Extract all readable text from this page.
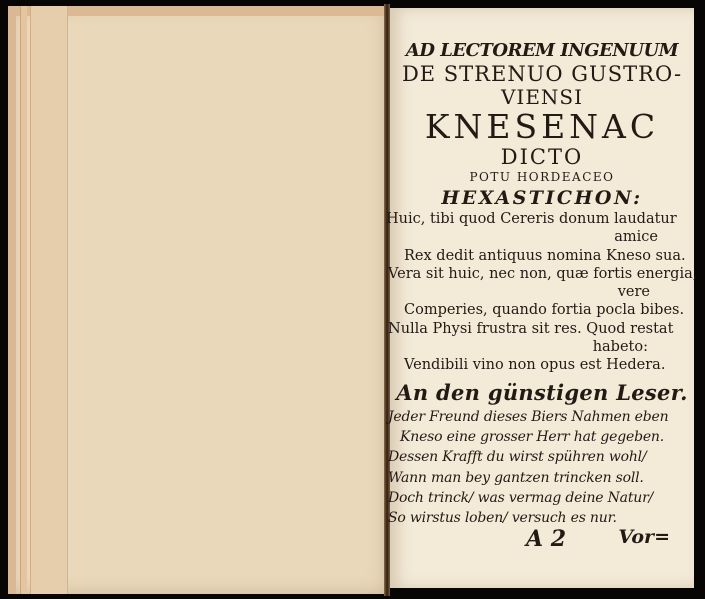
AD LECTOREM INGENUUM
DE STRENUO GUSTRO-
VIENSI
KNESENAC
DICTO
POTU HORDEACEO
HEXASTICHON:
Huic, tibi quod Cereris donum laudatur
amice
Rex dedit antiquus nomina Kneso sua.
Vera sit huic, nec non, quæ fortis energia,
vere
Comperies, quando fortia pocla bibes.
Nulla Physi frustra sit res. Quod restat
habeto:
Vendibili vino non opus est Hedera.
An den günstigen Leser.
Jeder Freund dieses Biers Nahmen eben
Kneso eine grosser Herr hat gegeben.
Dessen Krafft du wirst spühren wohl/
Wann man bey gantzen trincken soll.
Doch trinck/ was vermag deine Natur/
So wirstus loben/ versuch es nur.
A 2	Vor=
